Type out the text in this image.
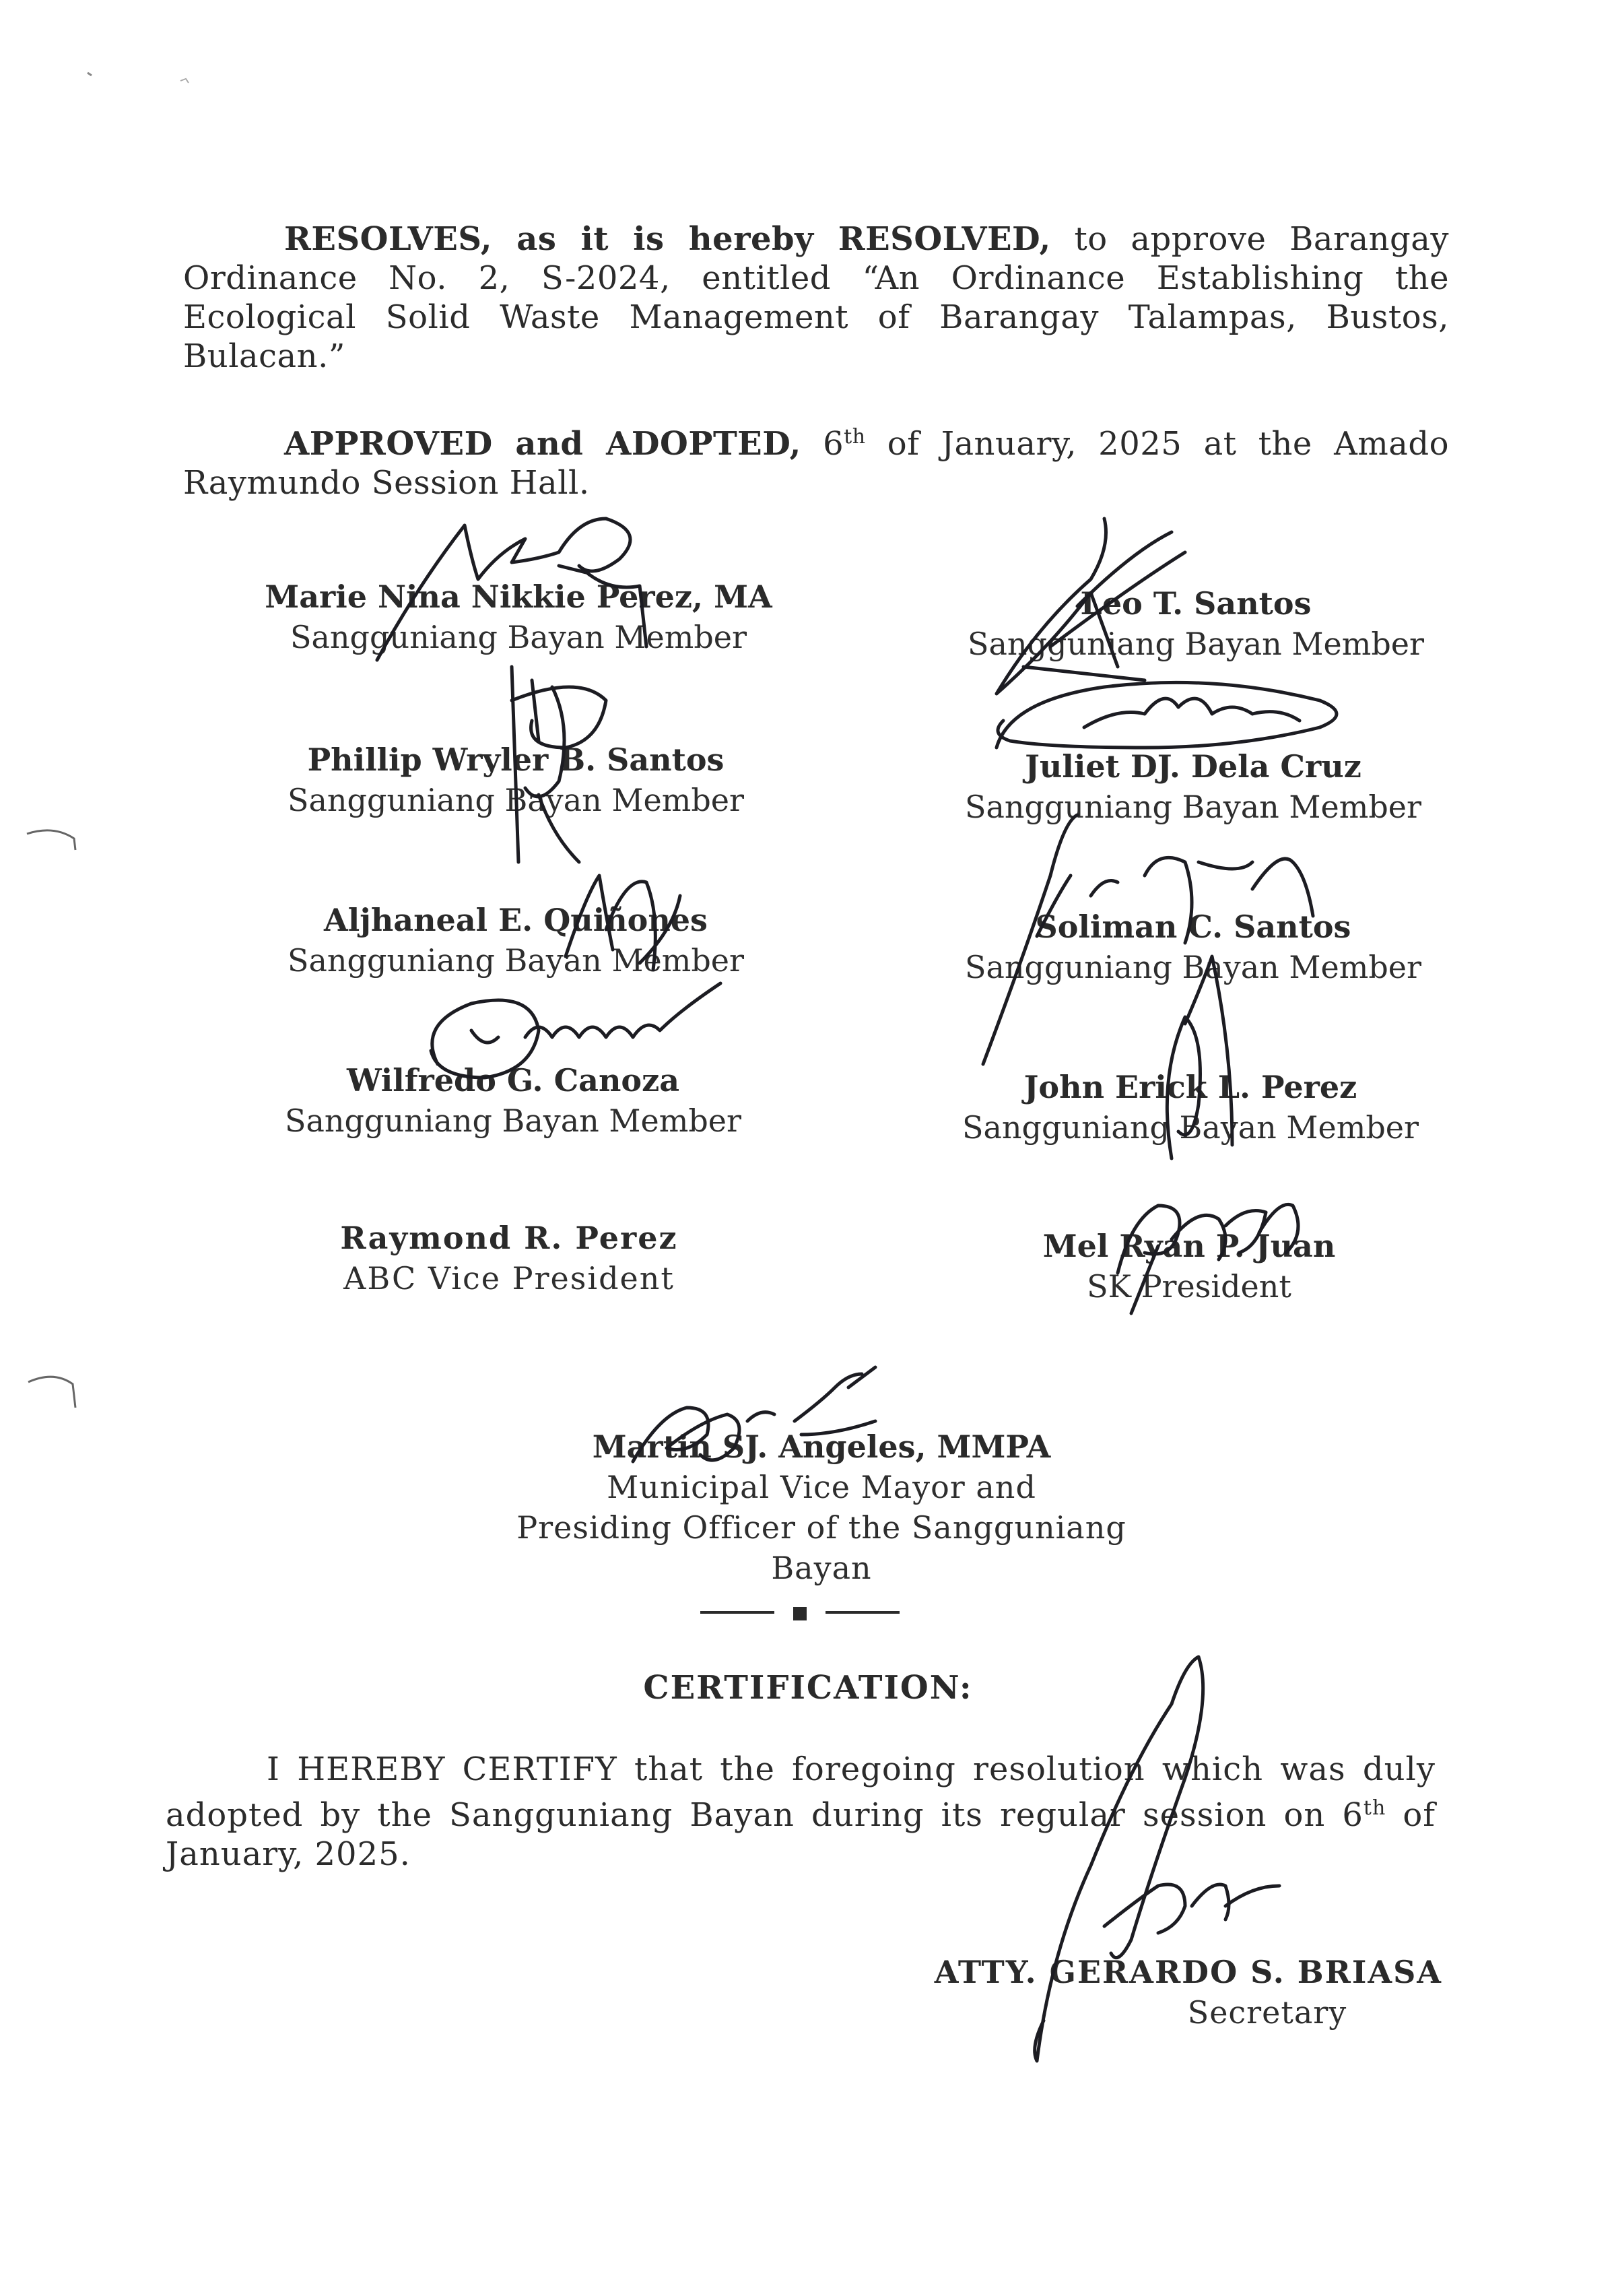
RESOLVES, as it is hereby RESOLVED, to approve Barangay Ordinance No. 2, S-2024, entitled “An Ordinance Establishing the Ecological Solid Waste Management of Barangay Talampas, Bustos, Bulacan.”
APPROVED and ADOPTED, 6th of January, 2025 at the Amado Raymundo Session Hall.
Marie Nina Nikkie Perez, MA
Sangguniang Bayan Member
Phillip Wryler B. Santos
Sangguniang Bayan Member
Aljhaneal E. Quiñones
Sangguniang Bayan Member
Wilfredo G. Canoza
Sangguniang Bayan Member
Raymond R. Perez
ABC Vice President
Leo T. Santos
Sangguniang Bayan Member
Juliet DJ. Dela Cruz
Sangguniang Bayan Member
Soliman C. Santos
Sangguniang Bayan Member
John Erick L. Perez
Sangguniang Bayan Member
Mel Ryan P. Juan
SK President
Martin SJ. Angeles, MMPA
Municipal Vice Mayor and
Presiding Officer of the Sangguniang Bayan
CERTIFICATION:
I HEREBY CERTIFY that the foregoing resolution which was duly adopted by the Sangguniang Bayan during its regular session on 6th of January, 2025.
ATTY. GERARDO S. BRIASA
Secretary
